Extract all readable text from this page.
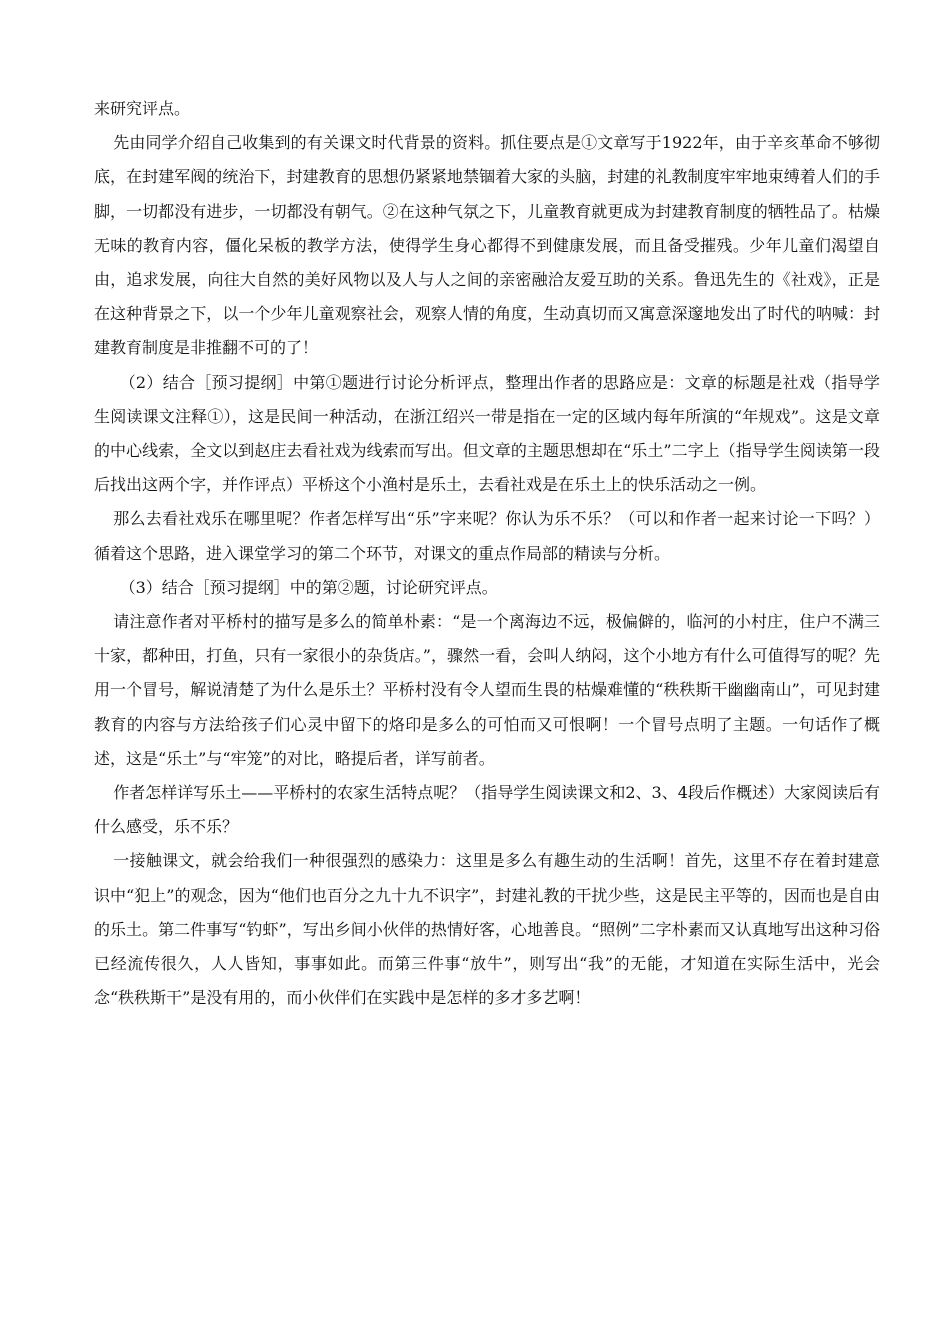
来研究评点。

先由同学介绍自己收集到的有关课文时代背景的资料。抓住要点是①文章写于1922年，由于辛亥革命不够彻底，在封建军阀的统治下，封建教育的思想仍紧紧地禁锢着大家的头脑，封建的礼教制度牢牢地束缚着人们的手脚，一切都没有进步，一切都没有朝气。②在这种气氛之下，儿童教育就更成为封建教育制度的牺牲品了。枯燥无味的教育内容，僵化呆板的教学方法，使得学生身心都得不到健康发展，而且备受摧残。少年儿童们渴望自由，追求发展，向往大自然的美好风物以及人与人之间的亲密融洽友爱互助的关系。鲁迅先生的《社戏》，正是在这种背景之下，以一个少年儿童观察社会，观察人情的角度，生动真切而又寓意深邃地发出了时代的呐喊：封建教育制度是非推翻不可的了！

（2）结合［预习提纲］中第①题进行讨论分析评点，整理出作者的思路应是：文章的标题是社戏（指导学生阅读课文注释①），这是民间一种活动，在浙江绍兴一带是指在一定的区域内每年所演的“年规戏”。这是文章的中心线索，全文以到赵庄去看社戏为线索而写出。但文章的主题思想却在“乐土”二字上（指导学生阅读第一段后找出这两个字，并作评点）平桥这个小渔村是乐土，去看社戏是在乐土上的快乐活动之一例。

那么去看社戏乐在哪里呢？作者怎样写出“乐”字来呢？你认为乐不乐？（可以和作者一起来讨论一下吗？）循着这个思路，进入课堂学习的第二个环节，对课文的重点作局部的精读与分析。

（3）结合［预习提纲］中的第②题，讨论研究评点。

请注意作者对平桥村的描写是多么的简单朴素：“是一个离海边不远，极偏僻的，临河的小村庄，住户不满三十家，都种田，打鱼，只有一家很小的杂货店。”，骤然一看，会叫人纳闷，这个小地方有什么可值得写的呢？先用一个冒号，解说清楚了为什么是乐土？平桥村没有令人望而生畏的枯燥难懂的“秩秩斯干幽幽南山”，可见封建教育的内容与方法给孩子们心灵中留下的烙印是多么的可怕而又可恨啊！一个冒号点明了主题。一句话作了概述，这是“乐土”与“牢笼”的对比，略提后者，详写前者。

作者怎样详写乐土——平桥村的农家生活特点呢？（指导学生阅读课文和2、3、4段后作概述）大家阅读后有什么感受，乐不乐？

一接触课文，就会给我们一种很强烈的感染力：这里是多么有趣生动的生活啊！首先，这里不存在着封建意识中“犯上”的观念，因为“他们也百分之九十九不识字”，封建礼教的干扰少些，这是民主平等的，因而也是自由的乐土。第二件事写“钓虾”，写出乡间小伙伴的热情好客，心地善良。“照例”二字朴素而又认真地写出这种习俗已经流传很久，人人皆知，事事如此。而第三件事“放牛”，则写出“我”的无能，才知道在实际生活中，光会念“秩秩斯干”是没有用的，而小伙伴们在实践中是怎样的多才多艺啊！
